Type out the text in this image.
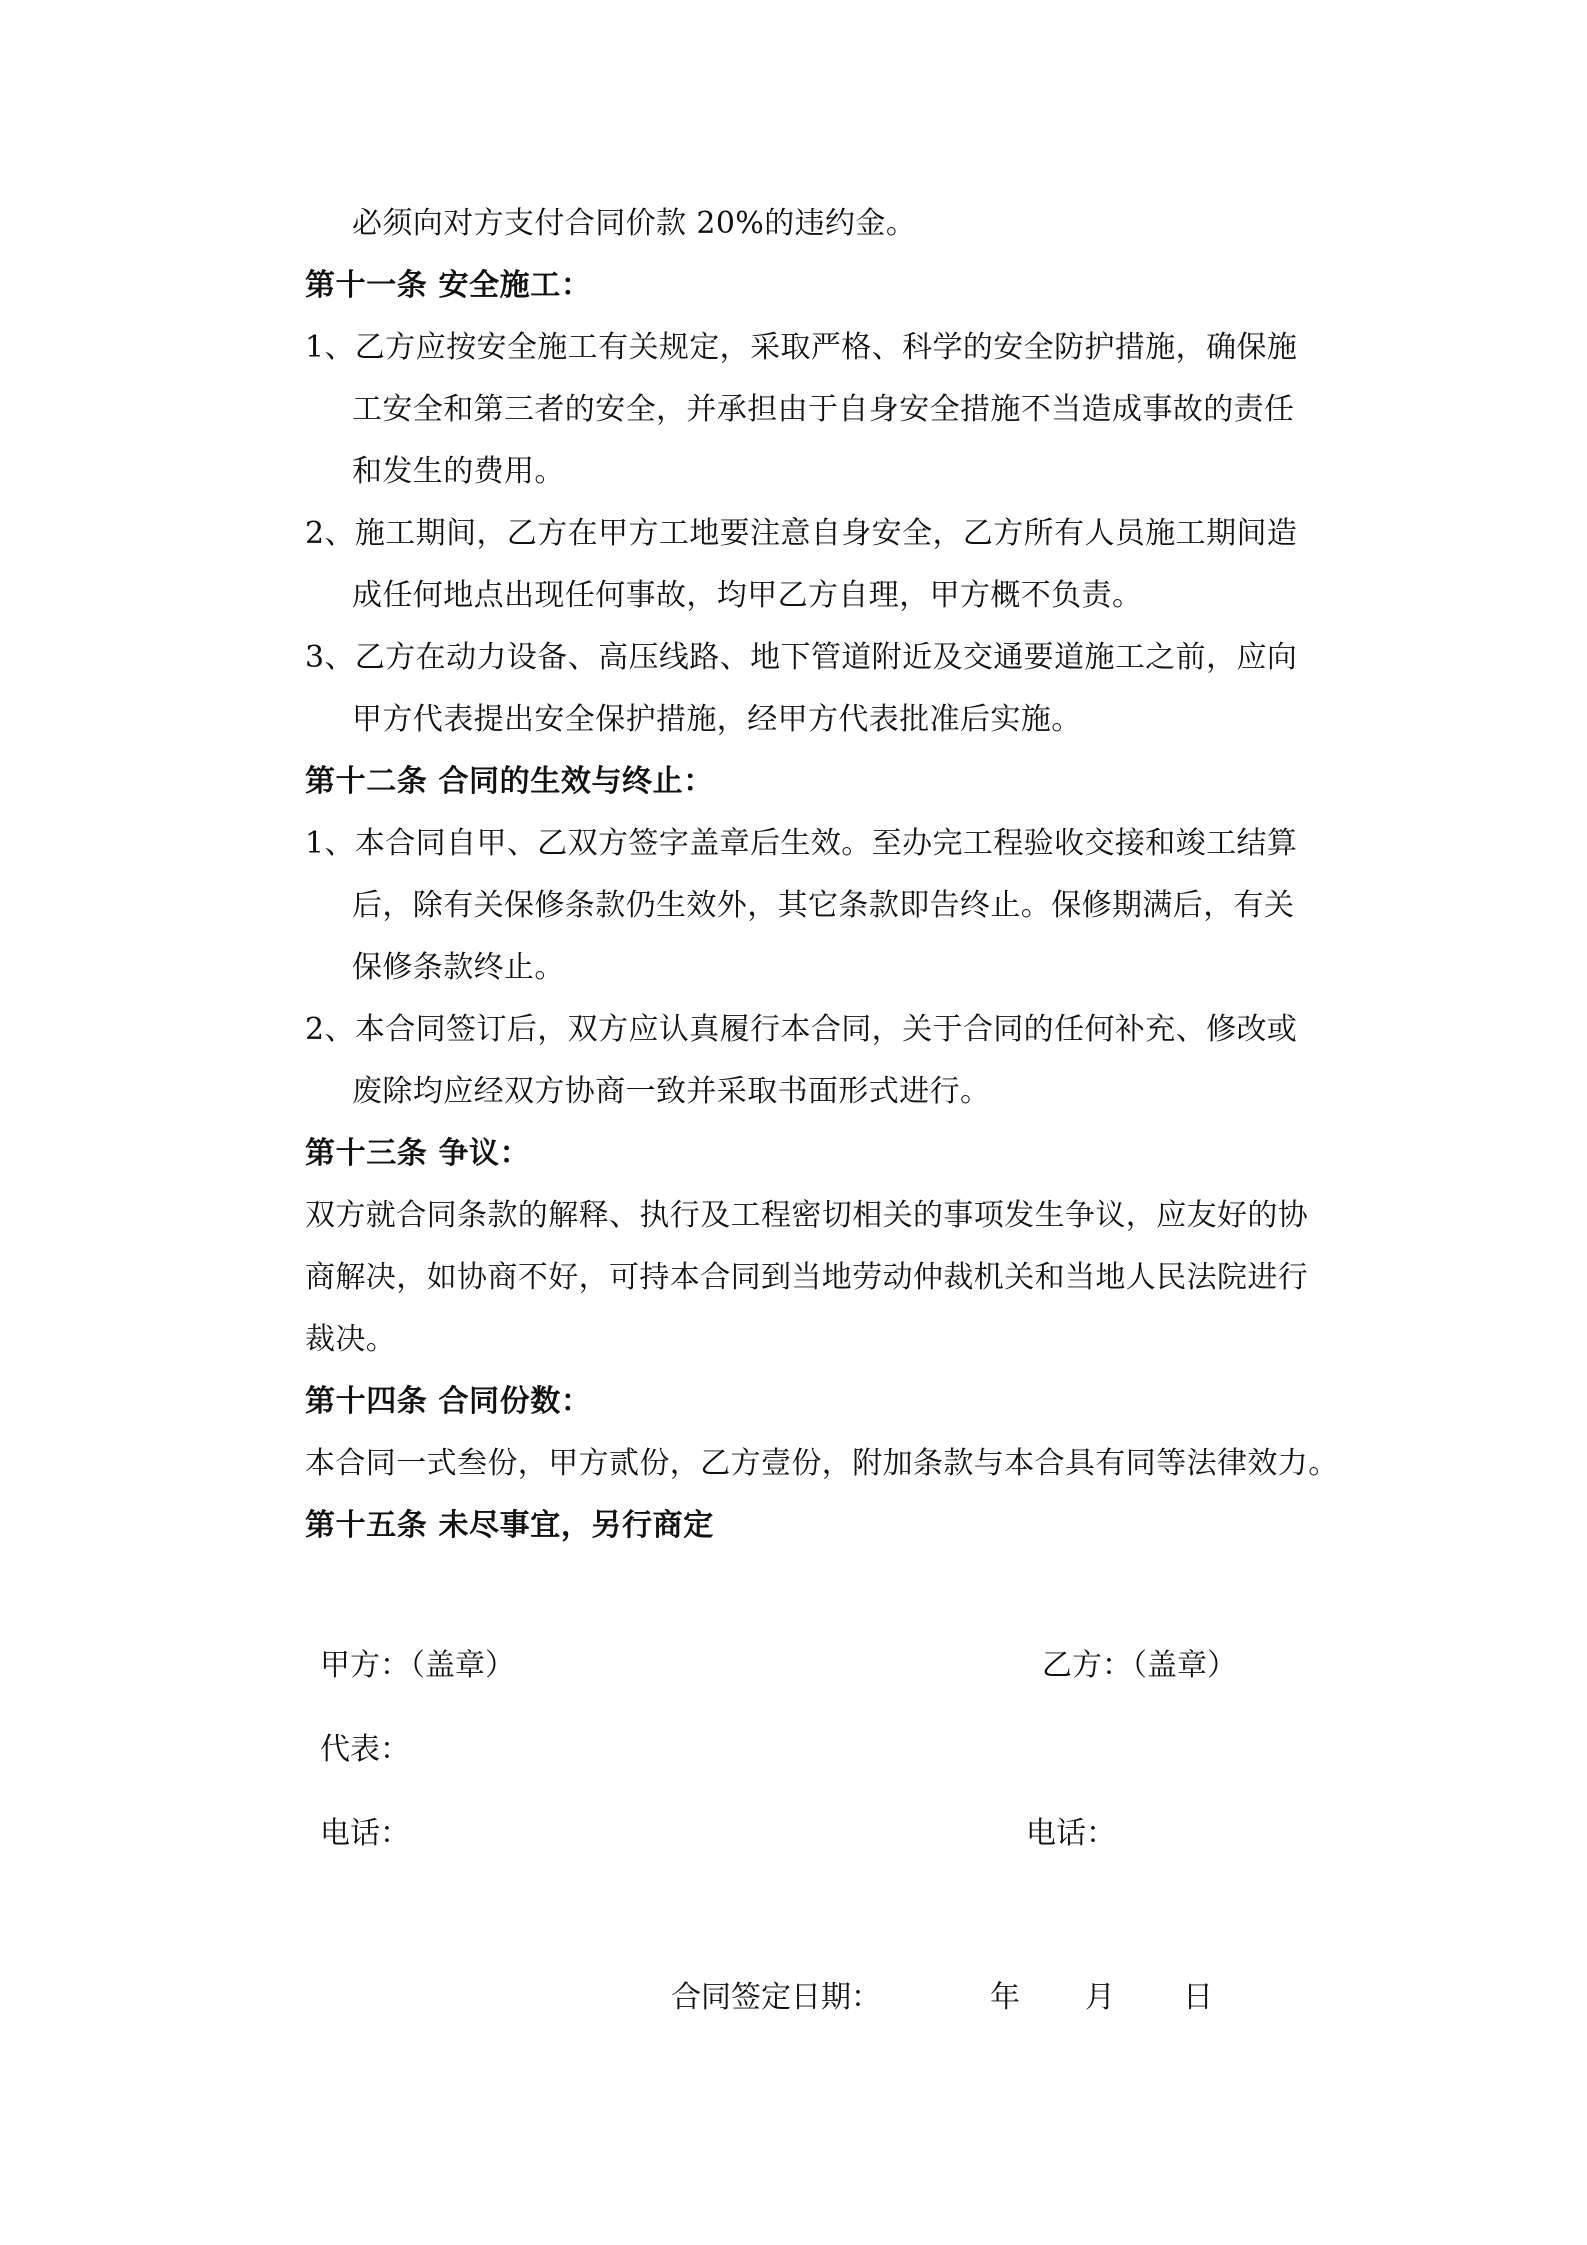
必须向对方支付合同价款 20%的违约金。
第十一条 安全施工：
1、乙方应按安全施工有关规定，采取严格、科学的安全防护措施，确保施
工安全和第三者的安全，并承担由于自身安全措施不当造成事故的责任
和发生的费用。
2、施工期间，乙方在甲方工地要注意自身安全，乙方所有人员施工期间造
成任何地点出现任何事故，均甲乙方自理，甲方概不负责。
3、乙方在动力设备、高压线路、地下管道附近及交通要道施工之前，应向
甲方代表提出安全保护措施，经甲方代表批准后实施。
第十二条 合同的生效与终止：
1、本合同自甲、乙双方签字盖章后生效。至办完工程验收交接和竣工结算
后，除有关保修条款仍生效外，其它条款即告终止。保修期满后，有关
保修条款终止。
2、本合同签订后，双方应认真履行本合同，关于合同的任何补充、修改或
废除均应经双方协商一致并采取书面形式进行。
第十三条 争议：
双方就合同条款的解释、执行及工程密切相关的事项发生争议，应友好的协
商解决，如协商不好，可持本合同到当地劳动仲裁机关和当地人民法院进行
裁决。
第十四条 合同份数：
本合同一式叁份，甲方贰份，乙方壹份，附加条款与本合具有同等法律效力。
第十五条 未尽事宜，另行商定
甲方：（盖章）	乙方：（盖章）
代表：
电话：	电话：
合同签定日期：	年 月 日
